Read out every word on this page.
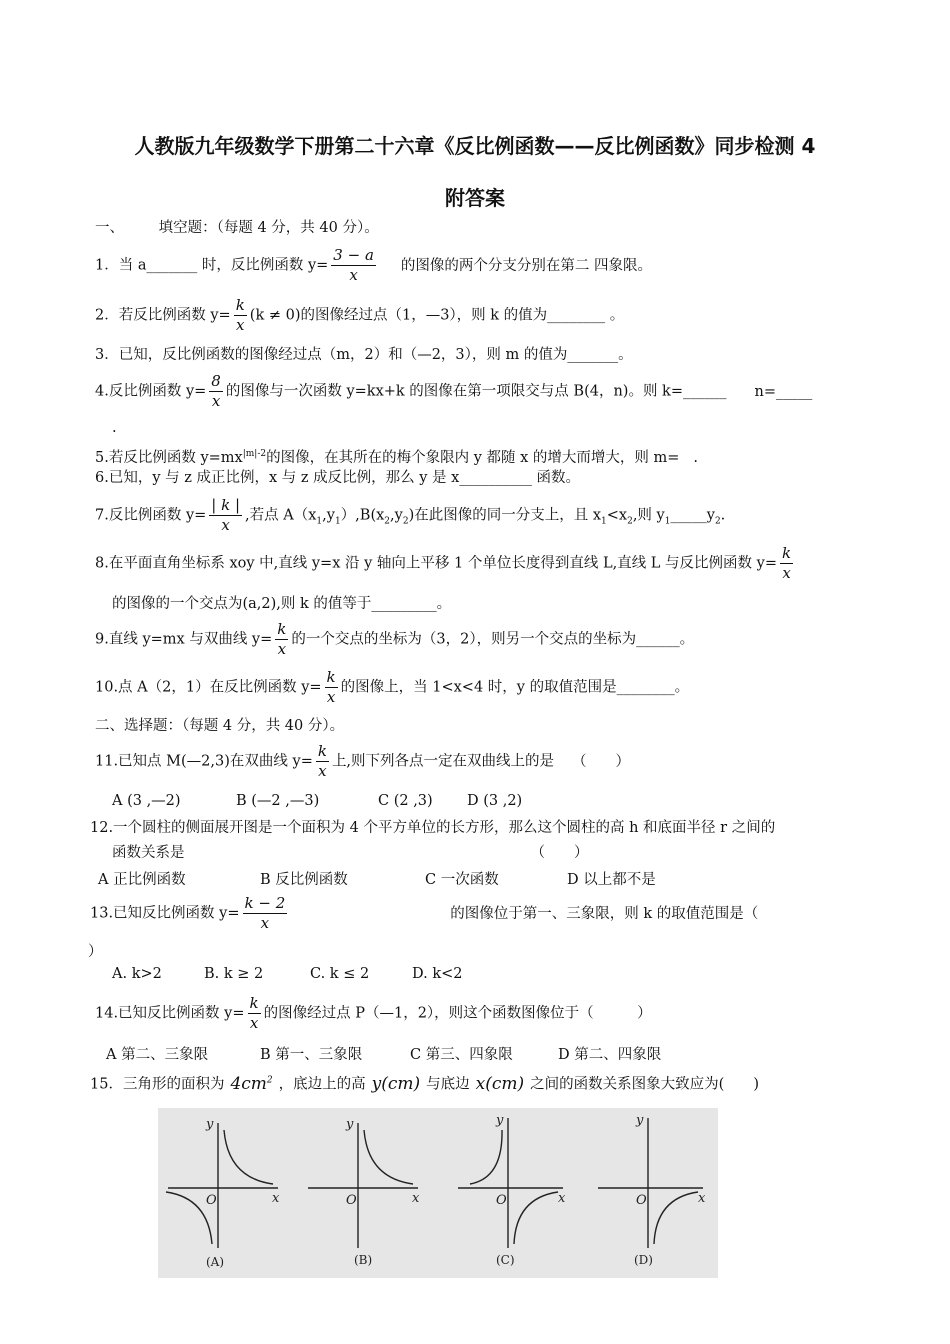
人教版九年级数学下册第二十六章《反比例函数——反比例函数》同步检测 4
附答案
一、 填空题：（每题 4 分，共 40 分）。
1．当 a_______ 时，反比例函数 $y= \frac{3 - a}{x}$ 的图像的两个分支分别在第二 四象限。
2．若反比例函数 $y= \frac{k}{x} (k \ne 0)$的图像经过点（1，—3），则 k 的值为________ 。
3．已知，反比例函数的图像经过点（m，2）和（—2，3），则 m 的值为_______。
4.反比例函数 $y= \frac{8}{x}$ 的图像与一次函数 y=kx+k 的图像在第一项限交与点 B(4，n)。则 k=______ n=_____
.
5.若反比例函数 $y=mx^{|m|-2}$的图像，在其所在的梅个象限内 y 都随 x 的增大而增大，则 m= .
6.已知，y 与 z 成正比例，x 与 z 成反比例，那么 y 是 x__________ 函数。
7.反比例函数 $y= \frac{| k |}{x}$ ,若点 $A(x_1,y_1),B(x_2,y_2)$在此图像的同一分支上，且 $x_1<x_2$,则 $y_1\_\_\_\_\_y_2$.
8.在平面直角坐标系 xoy 中,直线 y=x 沿 y 轴向上平移 1 个单位长度得到直线 L,直线 L 与反比例函数 $y= \frac{k}{x}$
的图像的一个交点为(a,2),则 k 的值等于_________。
9.直线 y=mx 与双曲线 $y= \frac{k}{x}$ 的一个交点的坐标为（3，2），则另一个交点的坐标为______。
10.点 A（2，1）在反比例函数 $y= \frac{k}{x}$ 的图像上，当 1<x<4 时，y 的取值范围是________。
二、选择题：（每题 4 分，共 40 分）。
11.已知点 M(—2,3)在双曲线 $y= \frac{k}{x}$ 上,则下列各点一定在双曲线上的是 （　　）
A (3 ,—2)	B (—2 ,—3)	C (2 ,3) D (3 ,2)
12.一个圆柱的侧面展开图是一个面积为 4 个平方单位的长方形，那么这个圆柱的高 h 和底面半径 r 之间的
函数关系是	（　　）
A 正比例函数	B 反比例函数	C 一次函数	D 以上都不是
13.已知反比例函数 $y= \frac{k - 2}{x}$	的图像位于第一、三象限，则 k 的取值范围是（
）
A. k>2	B. k ≥ 2	C. k ≤ 2	D. k<2
14.已知反比例函数 $y= \frac{k}{x}$ 的图像经过点 P（—1，2），则这个函数图像位于（　　　）
A 第二、三象限	B 第一、三象限	C 第三、四象限	D 第二、四象限
15．三角形的面积为 $4cm^2$ ，底边上的高 y(cm) 与底边 x(cm) 之间的函数关系图象大致应为(　　)
y
x
O
y
x
O
y
x
O
y
x
O
(A)	(B)	(C)	(D)
